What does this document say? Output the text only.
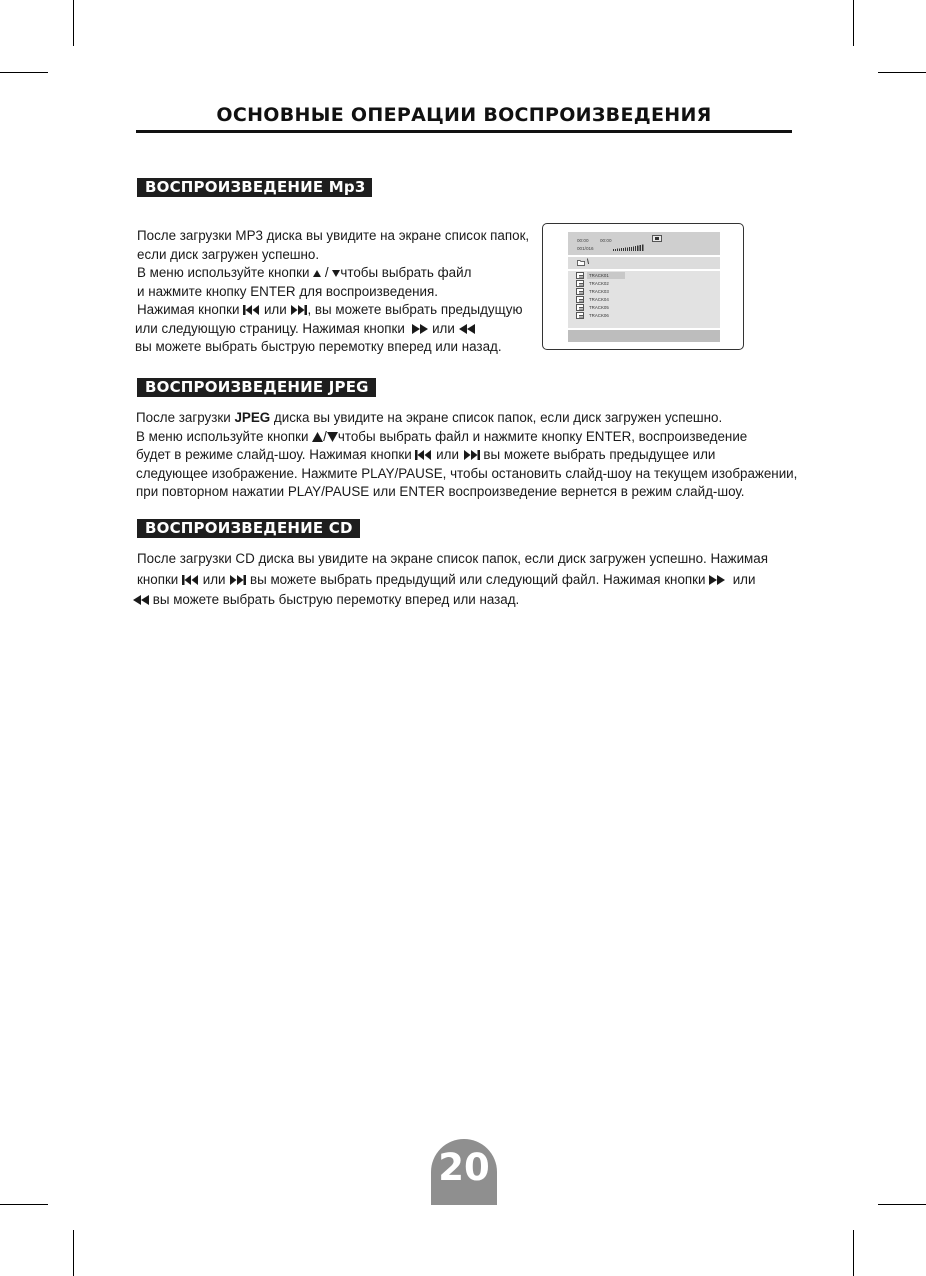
ОСНОВНЫЕ ОПЕРАЦИИ ВОСПРОИЗВЕДЕНИЯ
ВОСПРОИЗВЕДЕНИЕ Mp3
После загрузки MP3 диска вы увидите на экране список папок,
если диск загружен успешно.
В меню используйте кнопки / чтобы выбрать файл
и нажмите кнопку ENTER для воспроизведения.
Нажимая кнопки или , вы можете выбрать предыдущую
или следующую страницу. Нажимая кнопки или
вы можете выбрать быструю перемотку вперед или назад.
00:00	00:00
001/016
\
TRACK01
TRACK02
TRACK03
TRACK04
TRACK05
TRACK06
ВОСПРОИЗВЕДЕНИЕ JPEG
После загрузки JPEG диска вы увидите на экране список папок, если диск загружен успешно.
В меню используйте кнопки / чтобы выбрать файл и нажмите кнопку ENTER, воспроизведение
будет в режиме слайд-шоу. Нажимая кнопки или вы можете выбрать предыдущее или
следующее изображение. Нажмите PLAY/PAUSE, чтобы остановить слайд-шоу на текущем изображении,
при повторном нажатии PLAY/PAUSE или ENTER воспроизведение вернется в режим слайд-шоу.
ВОСПРОИЗВЕДЕНИЕ CD
После загрузки CD диска вы увидите на экране список папок, если диск загружен успешно. Нажимая
кнопки или вы можете выбрать предыдущий или следующий файл. Нажимая кнопки или
вы можете выбрать быструю перемотку вперед или назад.
20
